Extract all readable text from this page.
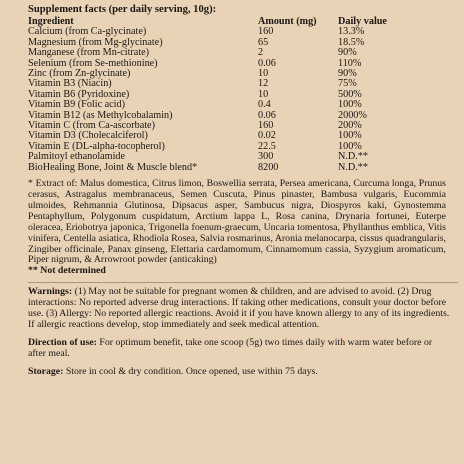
Supplement facts (per daily serving, 10g):
Ingredient	Amount (mg)	Daily value
Calcium (from Ca-glycinate)	160	13.3%
Magnesium (from Mg-glycinate)	65	18.5%
Manganese (from Mn-citrate)	2	90%
Selenium (from Se-methionine)	0.06	110%
Zinc (from Zn-glycinate)	10	90%
Vitamin B3 (Niacin)	12	75%
Vitamin B6 (Pyridoxine)	10	500%
Vitamin B9 (Folic acid)	0.4	100%
Vitamin B12 (as Methylcobalamin)	0.06	2000%
Vitamin C (from Ca-ascorbate)	160	200%
Vitamin D3 (Cholecalciferol)	0.02	100%
Vitamin E (DL-alpha-tocopherol)	22.5	100%
Palmitoyl ethanolamide	300	N.D.**
BioHealing Bone, Joint & Muscle blend*	8200	N.D.**
* Extract of: Malus domestica, Citrus limon, Boswellia serrata, Persea americana, Curcuma longa, Prunus cerasus, Astragalus membranaceus, Semen Cuscuta, Pinus pinaster, Bambusa vulgaris, Eucommia ulmoides, Rehmannia Glutinosa, Dipsacus asper, Sambucus nigra, Diospyros kaki, Gynostemma Pentaphyllum, Polygonum cuspidatum, Arctium lappa L, Rosa canina, Drynaria fortunei, Euterpe oleracea, Eriobotrya japonica, Trigonella foenum-graecum, Uncaria tomentosa, Phyllanthus emblica, Vitis vinifera, Centella asiatica, Rhodiola Rosea, Salvia rosmarinus, Aronia melanocarpa, cissus quadrangularis, Zingiber officinale, Panax ginseng, Elettaria cardamomum, Cinnamomum cassia, Syzygium aromaticum, Piper nigrum, & Arrowroot powder (anticaking)
** Not determined
Warnings: (1) May not be suitable for pregnant women & children, and are advised to avoid. (2) Drug interactions: No reported adverse drug interactions. If taking other medications, consult your doctor before use. (3) Allergy: No reported allergic reactions. Avoid it if you have known allergy to any of its ingredients. If allergic reactions develop, stop immediately and seek medical attention.
Direction of use: For optimum benefit, take one scoop (5g) two times daily with warm water before or after meal.
Storage: Store in cool & dry condition. Once opened, use within 75 days.
